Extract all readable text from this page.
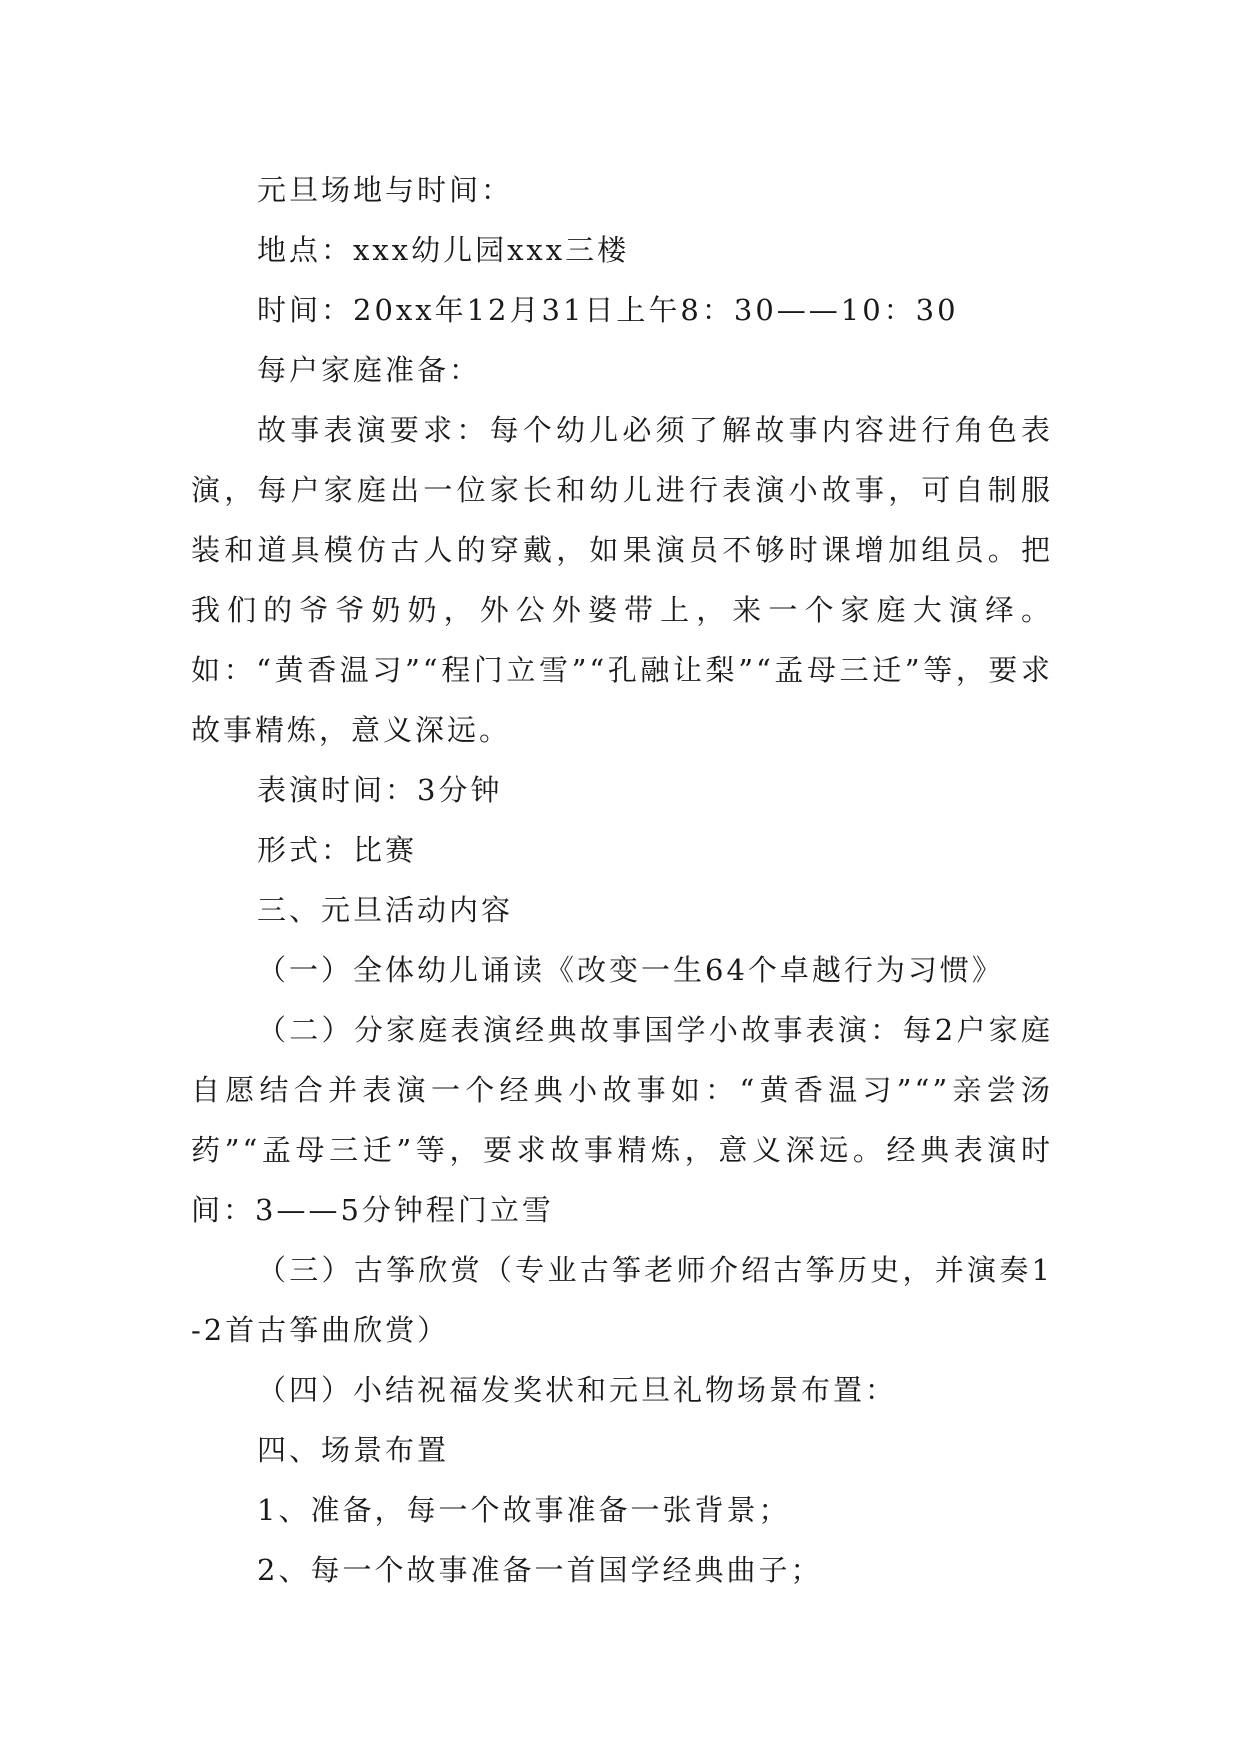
元旦场地与时间：

地点：xxx幼儿园xxx三楼

时间：20xx年12月31日上午8：30——10：30

每户家庭准备：

故事表演要求：每个幼儿必须了解故事内容进行角色表演，每户家庭出一位家长和幼儿进行表演小故事，可自制服装和道具模仿古人的穿戴，如果演员不够时课增加组员。把我们的爷爷奶奶，外公外婆带上，来一个家庭大演绎。如：“黄香温习”“程门立雪”“孔融让梨”“孟母三迁”等，要求故事精炼，意义深远。

表演时间：3分钟

形式：比赛

三、元旦活动内容

（一）全体幼儿诵读《改变一生64个卓越行为习惯》

（二）分家庭表演经典故事国学小故事表演：每2户家庭自愿结合并表演一个经典小故事如：“黄香温习”“”亲尝汤药”“孟母三迁”等，要求故事精炼，意义深远。经典表演时间：3——5分钟程门立雪

（三）古筝欣赏（专业古筝老师介绍古筝历史，并演奏1-2首古筝曲欣赏）

（四）小结祝福发奖状和元旦礼物场景布置：

四、场景布置

1、准备，每一个故事准备一张背景；

2、每一个故事准备一首国学经典曲子；
